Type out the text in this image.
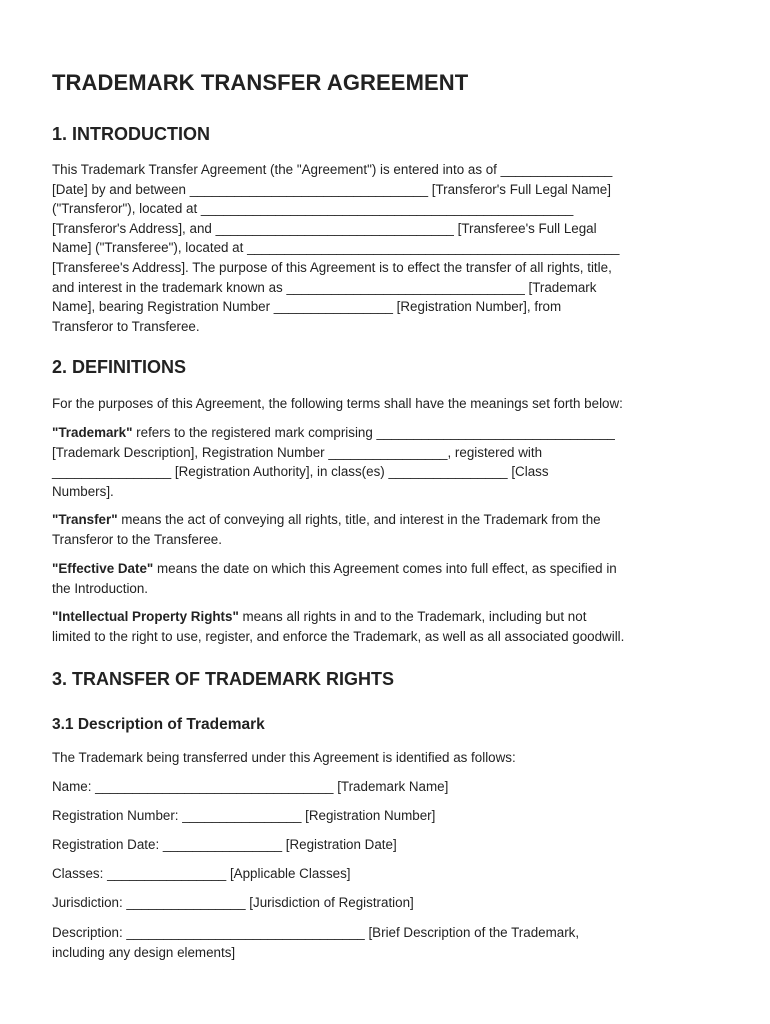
TRADEMARK TRANSFER AGREEMENT
1. INTRODUCTION
This Trademark Transfer Agreement (the "Agreement") is entered into as of _______________
[Date] by and between ________________________________ [Transferor's Full Legal Name]
("Transferor"), located at __________________________________________________
[Transferor's Address], and ________________________________ [Transferee's Full Legal
Name] ("Transferee"), located at __________________________________________________
[Transferee's Address]. The purpose of this Agreement is to effect the transfer of all rights, title,
and interest in the trademark known as ________________________________ [Trademark
Name], bearing Registration Number ________________ [Registration Number], from
Transferor to Transferee.
2. DEFINITIONS

For the purposes of this Agreement, the following terms shall have the meanings set forth below:

"Trademark" refers to the registered mark comprising ________________________________
[Trademark Description], Registration Number ________________, registered with
________________ [Registration Authority], in class(es) ________________ [Class
Numbers].
"Transfer" means the act of conveying all rights, title, and interest in the Trademark from the
Transferor to the Transferee.
"Effective Date" means the date on which this Agreement comes into full effect, as specified in
the Introduction.
"Intellectual Property Rights" means all rights in and to the Trademark, including but not
limited to the right to use, register, and enforce the Trademark, as well as all associated goodwill.
3. TRANSFER OF TRADEMARK RIGHTS
3.1 Description of Trademark

The Trademark being transferred under this Agreement is identified as follows:

Name: ________________________________ [Trademark Name]

Registration Number: ________________ [Registration Number]

Registration Date: ________________ [Registration Date]

Classes: ________________ [Applicable Classes]

Jurisdiction: ________________ [Jurisdiction of Registration]

Description: ________________________________ [Brief Description of the Trademark,
including any design elements]
